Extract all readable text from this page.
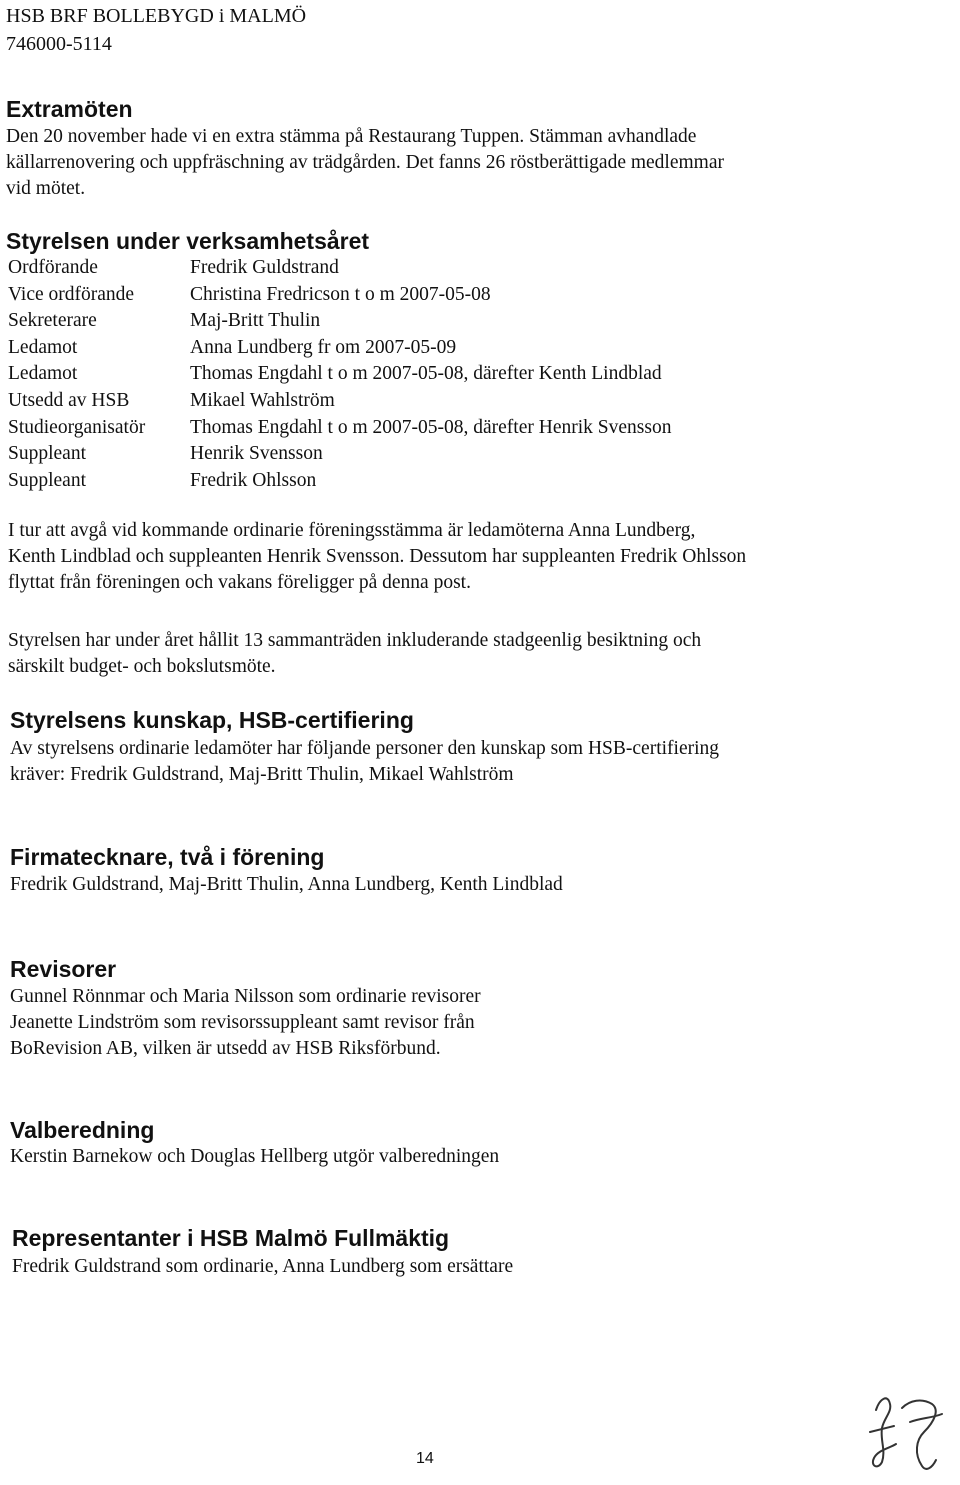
HSB BRF BOLLEBYGD i MALMÖ
746000-5114
Extramöten
Den 20 november hade vi en extra stämma på Restaurang Tuppen. Stämman avhandlade
källarrenovering och uppfräschning av trädgården. Det fanns 26 röstberättigade medlemmar
vid mötet.
Styrelsen under verksamhetsåret
Ordförande	Fredrik Guldstrand
Vice ordförande	Christina Fredricson t o m 2007-05-08
Sekreterare	Maj-Britt Thulin
Ledamot	Anna Lundberg fr om 2007-05-09
Ledamot	Thomas Engdahl t o m 2007-05-08, därefter Kenth Lindblad
Utsedd av HSB	Mikael Wahlström
Studieorganisatör Thomas Engdahl t o m 2007-05-08, därefter Henrik Svensson
Suppleant	Henrik Svensson
Suppleant	Fredrik Ohlsson
I tur att avgå vid kommande ordinarie föreningsstämma är ledamöterna Anna Lundberg,
Kenth Lindblad och suppleanten Henrik Svensson. Dessutom har suppleanten Fredrik Ohlsson
flyttat från föreningen och vakans föreligger på denna post.
Styrelsen har under året hållit 13 sammanträden inkluderande stadgeenlig besiktning och
särskilt budget- och bokslutsmöte.
Styrelsens kunskap, HSB-certifiering
Av styrelsens ordinarie ledamöter har följande personer den kunskap som HSB-certifiering
kräver: Fredrik Guldstrand, Maj-Britt Thulin, Mikael Wahlström
Firmatecknare, två i förening
Fredrik Guldstrand, Maj-Britt Thulin, Anna Lundberg, Kenth Lindblad
Revisorer
Gunnel Rönnmar och Maria Nilsson som ordinarie revisorer
Jeanette Lindström som revisorssuppleant samt revisor från
BoRevision AB, vilken är utsedd av HSB Riksförbund.
Valberedning
Kerstin Barnekow och Douglas Hellberg utgör valberedningen
Representanter i HSB Malmö Fullmäktig
Fredrik Guldstrand som ordinarie, Anna Lundberg som ersättare
14
